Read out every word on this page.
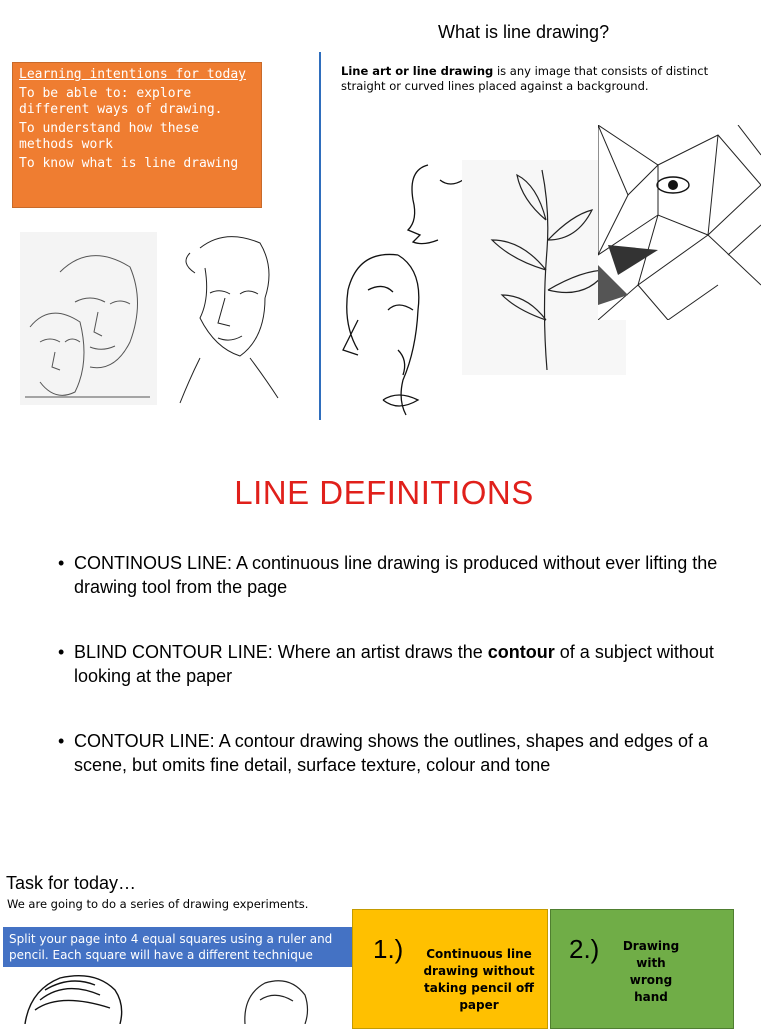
What is line drawing?
Learning intentions for today
To be able to: explore different ways of drawing.
To understand how these methods work
To know what is line drawing
Line art or line drawing is any image that consists of distinct straight or curved lines placed against a background.
LINE DEFINITIONS
• CONTINOUS LINE: A continuous line drawing is produced without ever lifting the drawing tool from the page
• BLIND CONTOUR LINE: Where an artist draws the contour of a subject without looking at the paper
• CONTOUR LINE: A contour drawing shows the outlines, shapes and edges of a scene, but omits fine detail, surface texture, colour and tone
Task for today…
We are going to do a series of drawing experiments.
Split your page into 4 equal squares using a ruler and pencil. Each square will have a different technique	1.) Continuous line drawing without taking pencil off paper
2.)	Drawing with wrong hand
